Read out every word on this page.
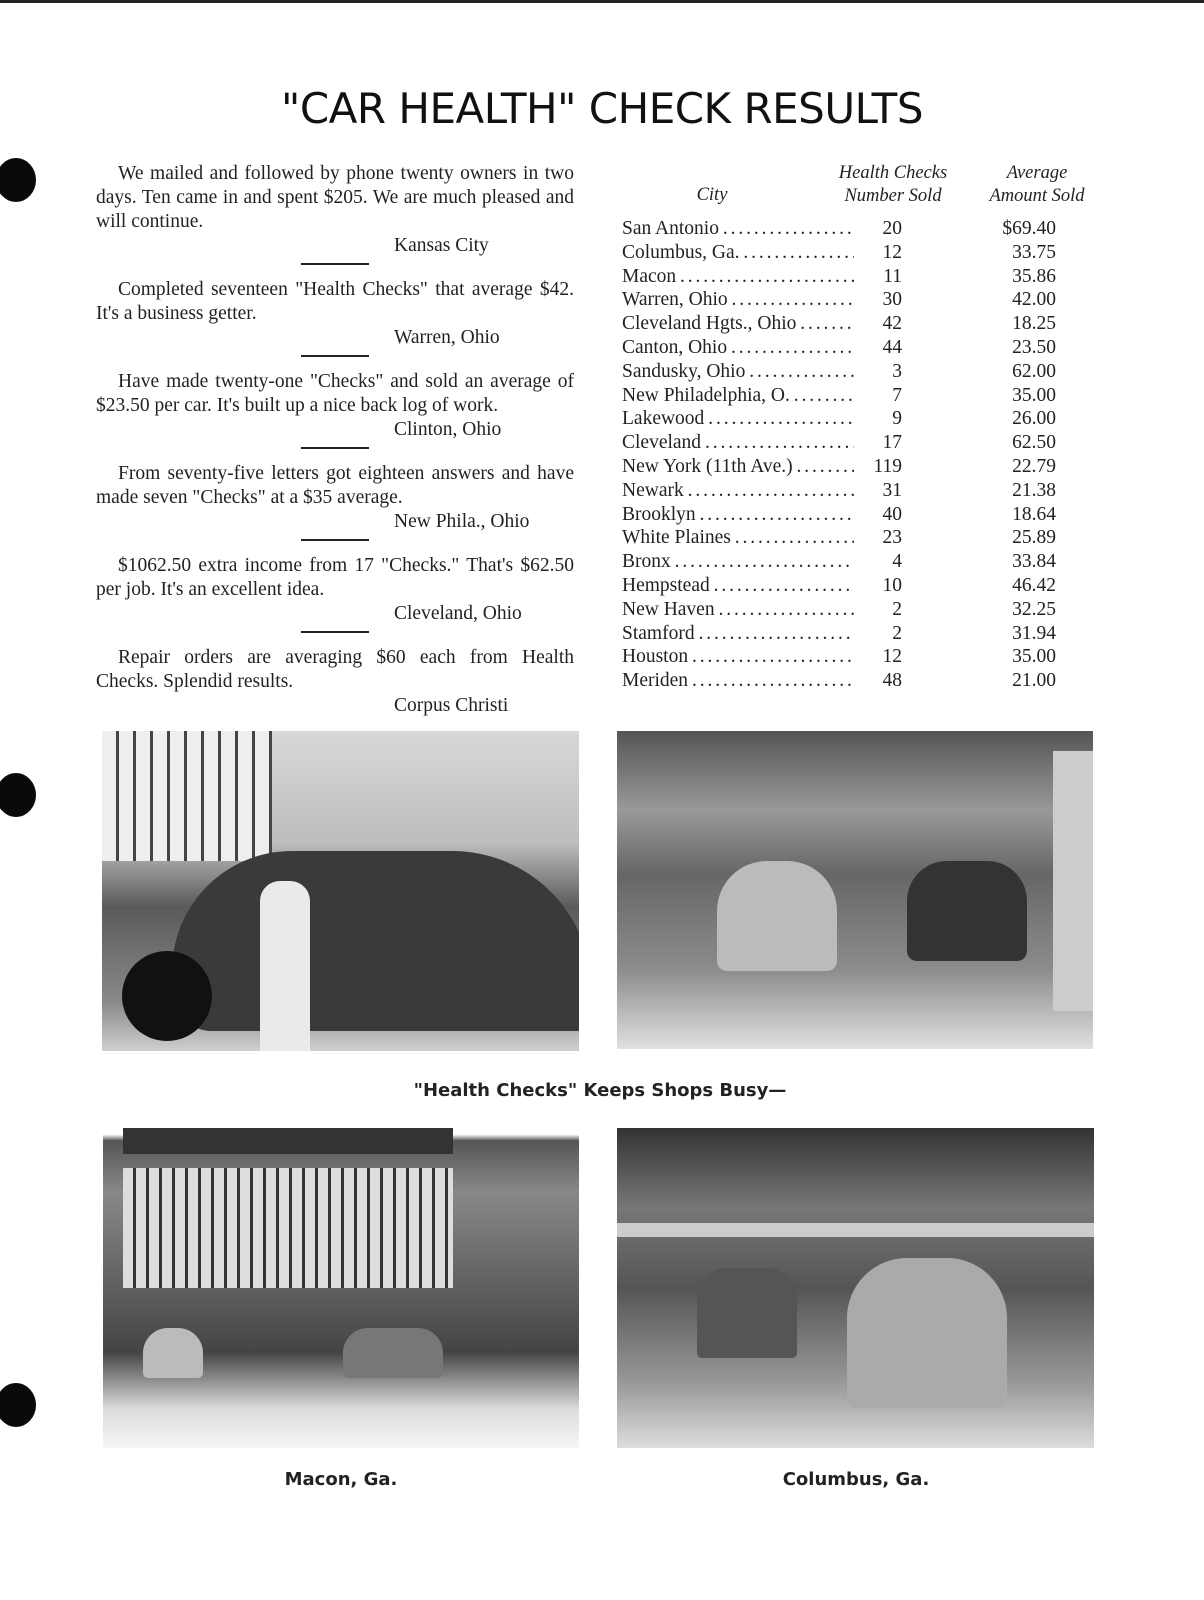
"CAR HEALTH" CHECK RESULTS

We mailed and followed by phone twenty owners in two days. Ten came in and spent $205. We are much pleased and will continue.

Kansas City

Completed seventeen "Health Checks" that average $42. It's a business getter.

Warren, Ohio

Have made twenty-one "Checks" and sold an average of $23.50 per car. It's built up a nice back log of work.

Clinton, Ohio

From seventy-five letters got eighteen answers and have made seven "Checks" at a $35 average.

New Phila., Ohio

$1062.50 extra income from 17 "Checks." That's $62.50 per job. It's an excellent idea.

Cleveland, Ohio

Repair orders are averaging $60 each from Health Checks. Splendid results.

Corpus Christi

City
Health Checks
Number Sold
Average
Amount Sold
San Antonio . . .	20	$69.40
Columbus, Ga. . . .	12	33.75
Macon . . .	11	35.86
Warren, Ohio . . .	30	42.00
Cleveland Hgts., Ohio . . .	42	18.25
Canton, Ohio . . .	44	23.50
Sandusky, Ohio . . .	3	62.00
New Philadelphia, O. . . .	7	35.00
Lakewood . . .	9	26.00
Cleveland . . .	17	62.50
New York (11th Ave.) . . .	119	22.79
Newark . . .	31	21.38
Brooklyn . . .	40	18.64
White Plaines . . .	23	25.89
Bronx . . .	4	33.84
Hempstead . . .	10	46.42
New Haven . . .	2	32.25
Stamford . . .	2	31.94
Houston . . .	12	35.00
Meriden . . .	48	21.00
"Health Checks" Keeps Shops Busy—
Macon, Ga.	Columbus, Ga.
